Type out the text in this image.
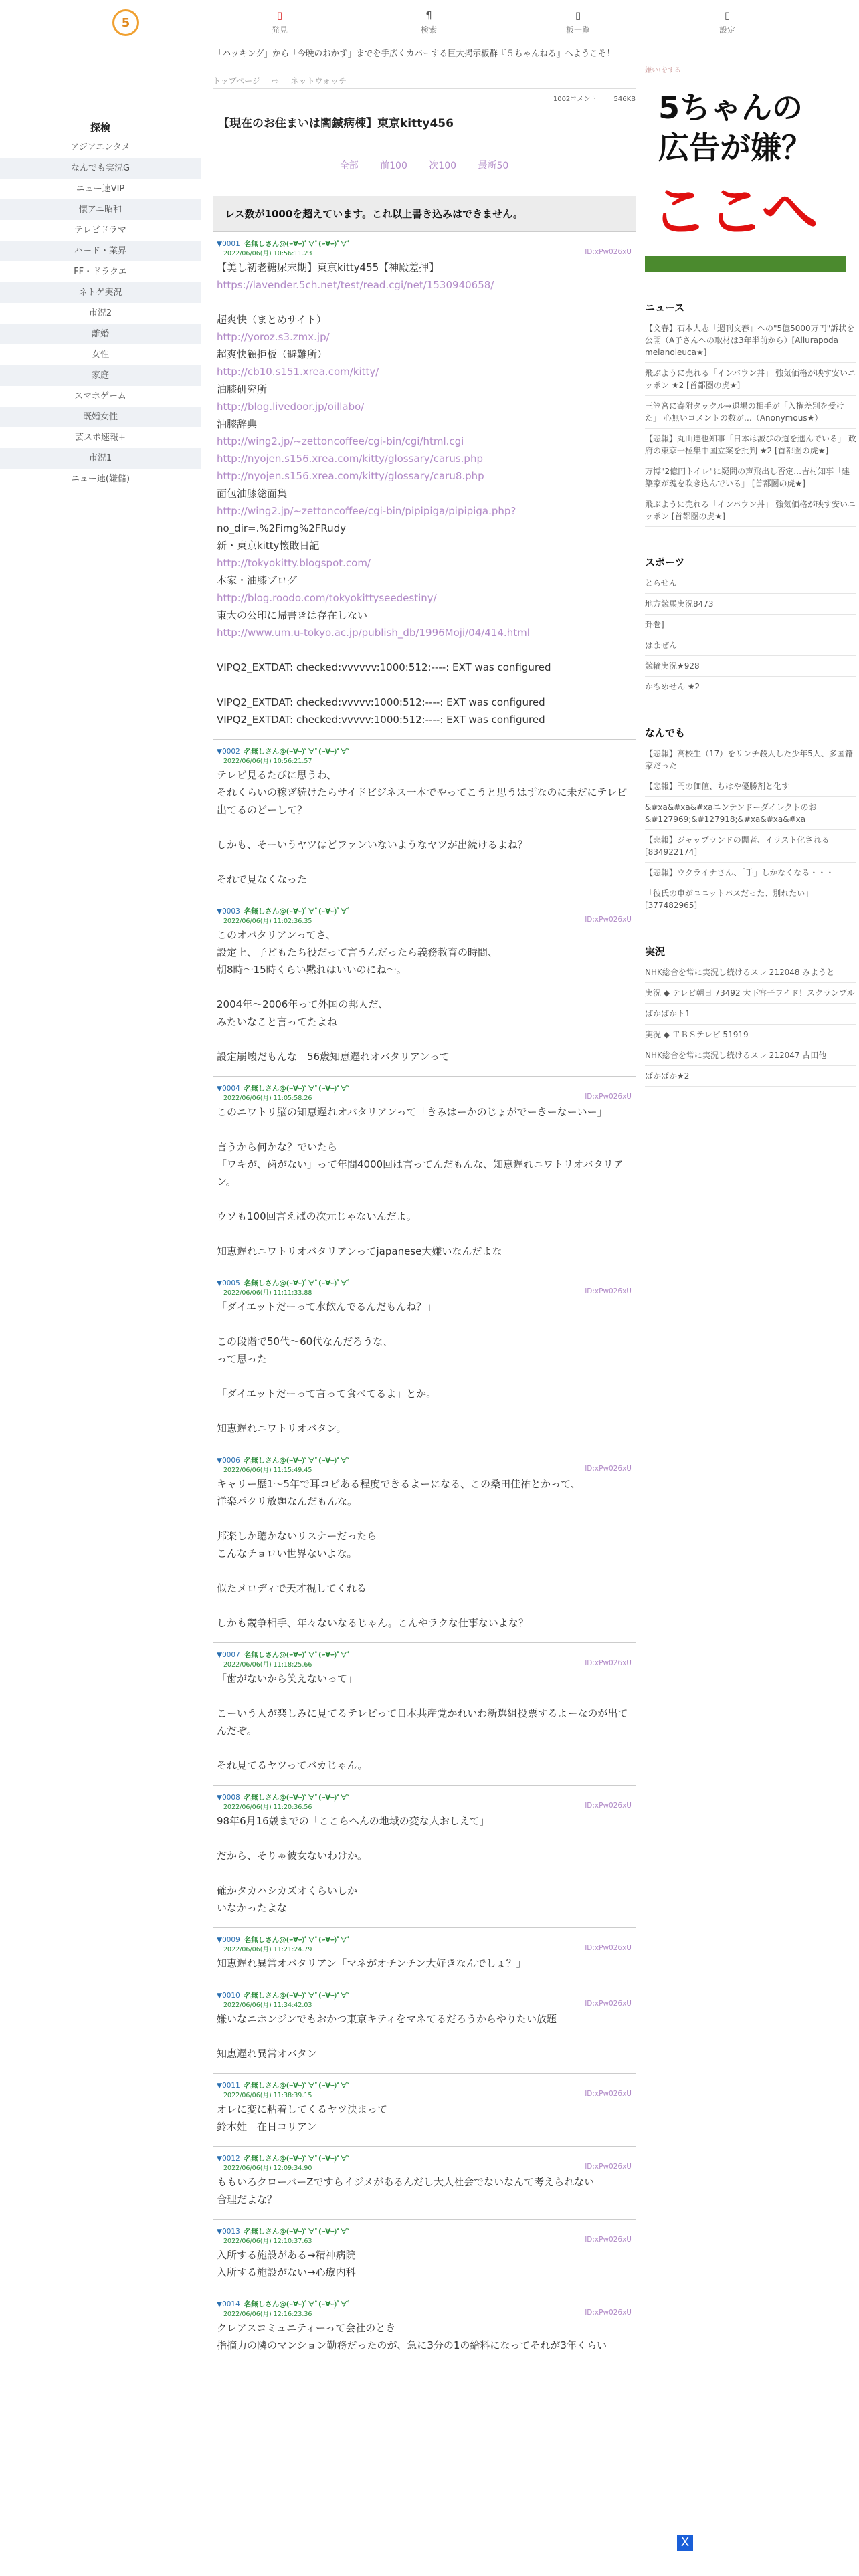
5
▯
発見
¶
検索
▯
板一覧
▯
設定
「ハッキング」から「今晩のおかず」までを手広くカバーする巨大掲示板群『５ちゃんねる』へようこそ！
探検
アジアエンタメ
なんでも実況G
ニュー速VIP
懐アニ昭和
テレビドラマ
ハード・業界
FF・ドラクエ
ネトゲ実況
市況2
離婚
女性
家庭
スマホゲーム
既婚女性
芸スポ速報+
市況1
ニュー速(嫌儲)
トップページ ⇨ ネットウォッチ
1002コメント	546KB
【現在のお住まいは閻鍼病棟】東京kitty456
全部 前100 次100 最新50
レス数が1000を超えています。これ以上書き込みはできません。
▼0001 名無しさん@(ｰ∀ｰ)ﾟ∀ﾟ(ｰ∀ｰ)ﾟ∀ﾟ
ID:xPw026xU
2022/06/06(月) 10:56:11.23
【美し初老糖尿末期】東京kitty455【神殿差押】
https://lavender.5ch.net/test/read.cgi/net/1530940658/

超爽快（まとめサイト）
http://yoroz.s3.zmx.jp/
超爽快顧拒板（避難所）
http://cb10.s151.xrea.com/kitty/
油膝研究所
http://blog.livedoor.jp/oillabo/
油膝辞典
http://wing2.jp/~zettoncoffee/cgi-bin/cgi/html.cgi
http://nyojen.s156.xrea.com/kitty/glossary/carus.php
http://nyojen.s156.xrea.com/kitty/glossary/caru8.php
面包油膝総面集
http://wing2.jp/~zettoncoffee/cgi-bin/pipipiga/pipipiga.php?
no_dir=.%2Fimg%2FRudy
新・東京kitty懐敗日記
http://tokyokitty.blogspot.com/
本家・油膝ブログ
http://blog.roodo.com/tokyokittyseedestiny/
東大の公印に帰書きは存在しない
http://www.um.u-tokyo.ac.jp/publish_db/1996Moji/04/414.html

VIPQ2_EXTDAT: checked:vvvvvv:1000:512:----: EXT was configured

VIPQ2_EXTDAT: checked:vvvvv:1000:512:----: EXT was configured
VIPQ2_EXTDAT: checked:vvvvv:1000:512:----: EXT was configured
▼0002 名無しさん@(ｰ∀ｰ)ﾟ∀ﾟ(ｰ∀ｰ)ﾟ∀ﾟ
2022/06/06(月) 10:56:21.57
テレビ見るたびに思うわ、
それくらいの稼ぎ続けたらサイドビジネス一本でやってこうと思うはずなのに未だにテレビ出てるのどーして？

しかも、そーいうヤツはどファンいないようなヤツが出続けるよね？

それで見なくなった
▼0003 名無しさん@(ｰ∀ｰ)ﾟ∀ﾟ(ｰ∀ｰ)ﾟ∀ﾟ
ID:xPw026xU
2022/06/06(月) 11:02:36.35
このオバタリアンってさ、
設定上、子どもたち役だって言うんだったら義務教育の時間、
朝8時〜15時くらい黙れはいいのにね〜。

2004年〜2006年って外国の邦人だ、
みたいなこと言ってたよね

設定崩壊だもんな　56歳知恵遅れオバタリアンって
▼0004 名無しさん@(ｰ∀ｰ)ﾟ∀ﾟ(ｰ∀ｰ)ﾟ∀ﾟ
ID:xPw026xU
2022/06/06(月) 11:05:58.26
このニワトリ脳の知恵遅れオバタリアンって「きみはーかのじょがでーきーなーいー」

言うから何かな？でいたら
「ワキが、歯がない」って年間4000回は言ってんだもんな、知恵遅れニワトリオバタリアン。

ウソも100回言えばの次元じゃないんだよ。

知恵遅れニワトリオバタリアンってjapanese大嫌いなんだよな
▼0005 名無しさん@(ｰ∀ｰ)ﾟ∀ﾟ(ｰ∀ｰ)ﾟ∀ﾟ
ID:xPw026xU
2022/06/06(月) 11:11:33.88
「ダイエットだーって水飲んでるんだもんね？」

この段階で50代〜60代なんだろうな、
って思った

「ダイエットだーって言って食べてるよ」とか。

知恵遅れニワトリオバタン。
▼0006 名無しさん@(ｰ∀ｰ)ﾟ∀ﾟ(ｰ∀ｰ)ﾟ∀ﾟ
ID:xPw026xU
2022/06/06(月) 11:15:49.45
キャリー歴1〜5年で耳コピある程度できるよーになる、この桑田佳祐とかって、
洋楽パクリ放題なんだもんな。

邦楽しか聴かないリスナーだったら
こんなチョロい世界ないよな。

似たメロディで天才視してくれる

しかも競争相手、年々ないなるじゃん。こんやラクな仕事ないよな？
▼0007 名無しさん@(ｰ∀ｰ)ﾟ∀ﾟ(ｰ∀ｰ)ﾟ∀ﾟ
ID:xPw026xU
2022/06/06(月) 11:18:25.66
「歯がないから笑えないって」

こーいう人が楽しみに見てるテレビって日本共産党かれいわ新選組投票するよーなのが出てんだぞ。

それ見てるヤツってバカじゃん。
▼0008 名無しさん@(ｰ∀ｰ)ﾟ∀ﾟ(ｰ∀ｰ)ﾟ∀ﾟ
ID:xPw026xU
2022/06/06(月) 11:20:36.56
98年6月16歳までの「ここらへんの地域の変な人おしえて」

だから、そりゃ彼女ないわけか。

確かタカハシカズオくらいしか
いなかったよな
▼0009 名無しさん@(ｰ∀ｰ)ﾟ∀ﾟ(ｰ∀ｰ)ﾟ∀ﾟ
ID:xPw026xU
2022/06/06(月) 11:21:24.79
知恵遅れ異常オバタリアン「マネがオチンチン大好きなんでしょ？」
▼0010 名無しさん@(ｰ∀ｰ)ﾟ∀ﾟ(ｰ∀ｰ)ﾟ∀ﾟ
ID:xPw026xU
2022/06/06(月) 11:34:42.03
嫌いなニホンジンでもおかつ東京キティをマネてるだろうからやりたい放題

知恵遅れ異常オバタン
▼0011 名無しさん@(ｰ∀ｰ)ﾟ∀ﾟ(ｰ∀ｰ)ﾟ∀ﾟ
ID:xPw026xU
2022/06/06(月) 11:38:39.15
オレに変に粘着してくるヤツ決まって
鈴木姓　在日コリアン
▼0012 名無しさん@(ｰ∀ｰ)ﾟ∀ﾟ(ｰ∀ｰ)ﾟ∀ﾟ
ID:xPw026xU
2022/06/06(月) 12:09:34.90
ももいろクローバーZですらイジメがあるんだし大人社会でないなんて考えられない
合理だよな？
▼0013 名無しさん@(ｰ∀ｰ)ﾟ∀ﾟ(ｰ∀ｰ)ﾟ∀ﾟ
ID:xPw026xU
2022/06/06(月) 12:10:37.63
入所する施設がある→精神病院
入所する施設がない→心療内科
▼0014 名無しさん@(ｰ∀ｰ)ﾟ∀ﾟ(ｰ∀ｰ)ﾟ∀ﾟ
ID:xPw026xU
2022/06/06(月) 12:16:23.36
クレアスコミュニティーって会社のとき
指摘力の隣のマンション勤務だったのが、急に3分の1の給料になってそれが3年くらい
嫌い!をする
5ちゃんの
広告が嫌？
ここへ
ニュース
【文春】石本人志「週刊文春」への"5億5000万円"訴状を公開（A子さんへの取材は3年半前から）[Allurapoda melanoleuca★]
飛ぶように売れる「インバウン丼」 強気価格が映す安いニッポン ★2 [首都圏の虎★]
三笠宮に寄附タックル→退場の相手が「入権差別を受けた」 心無いコメントの数が…（Anonymous★）
【悲報】丸山達也知事「日本は滅びの道を進んでいる」 政府の東京一極集中国立案を批判 ★2 [首都圏の虎★]
万博"2億円トイレ"に疑問の声飛出し否定…吉村知事「建築家が魂を吹き込んでいる」 [首都圏の虎★]
飛ぶように売れる「インバウン丼」 強気価格が映す安いニッポン [首都圏の虎★]
スポーツ
とらせん
地方競馬実況8473
卦巻]
はまぜん
競輪実況★928
かもめせん ★2
なんでも
【悲報】高校生（17）をリンチ殺人した少年5人、多国籍家だった
【悲報】門の価値、ちはや優勝剤と化す
&#xa&#xa&#xaニンテンドーダイレクトのお&#127969;&#127918;&#xa&#xa&#xa
【悲報】ジャップランドの闇者、イラスト化される [834922174]
【悲報】ウクライナさん、「手」しかなくなる・・・
「彼氏の車がユニットバスだった、別れたい」 [377482965]
実況
NHK総合を常に実況し続けるスレ 212048 みようと
実況 ◆ テレビ朝日 73492 大下容子ワイド！スクランブル
ぱかぱかト1
実況 ◆ ＴＢＳテレビ 51919
NHK総合を常に実況し続けるスレ 212047 古田他
ぱかぱか★2
X
